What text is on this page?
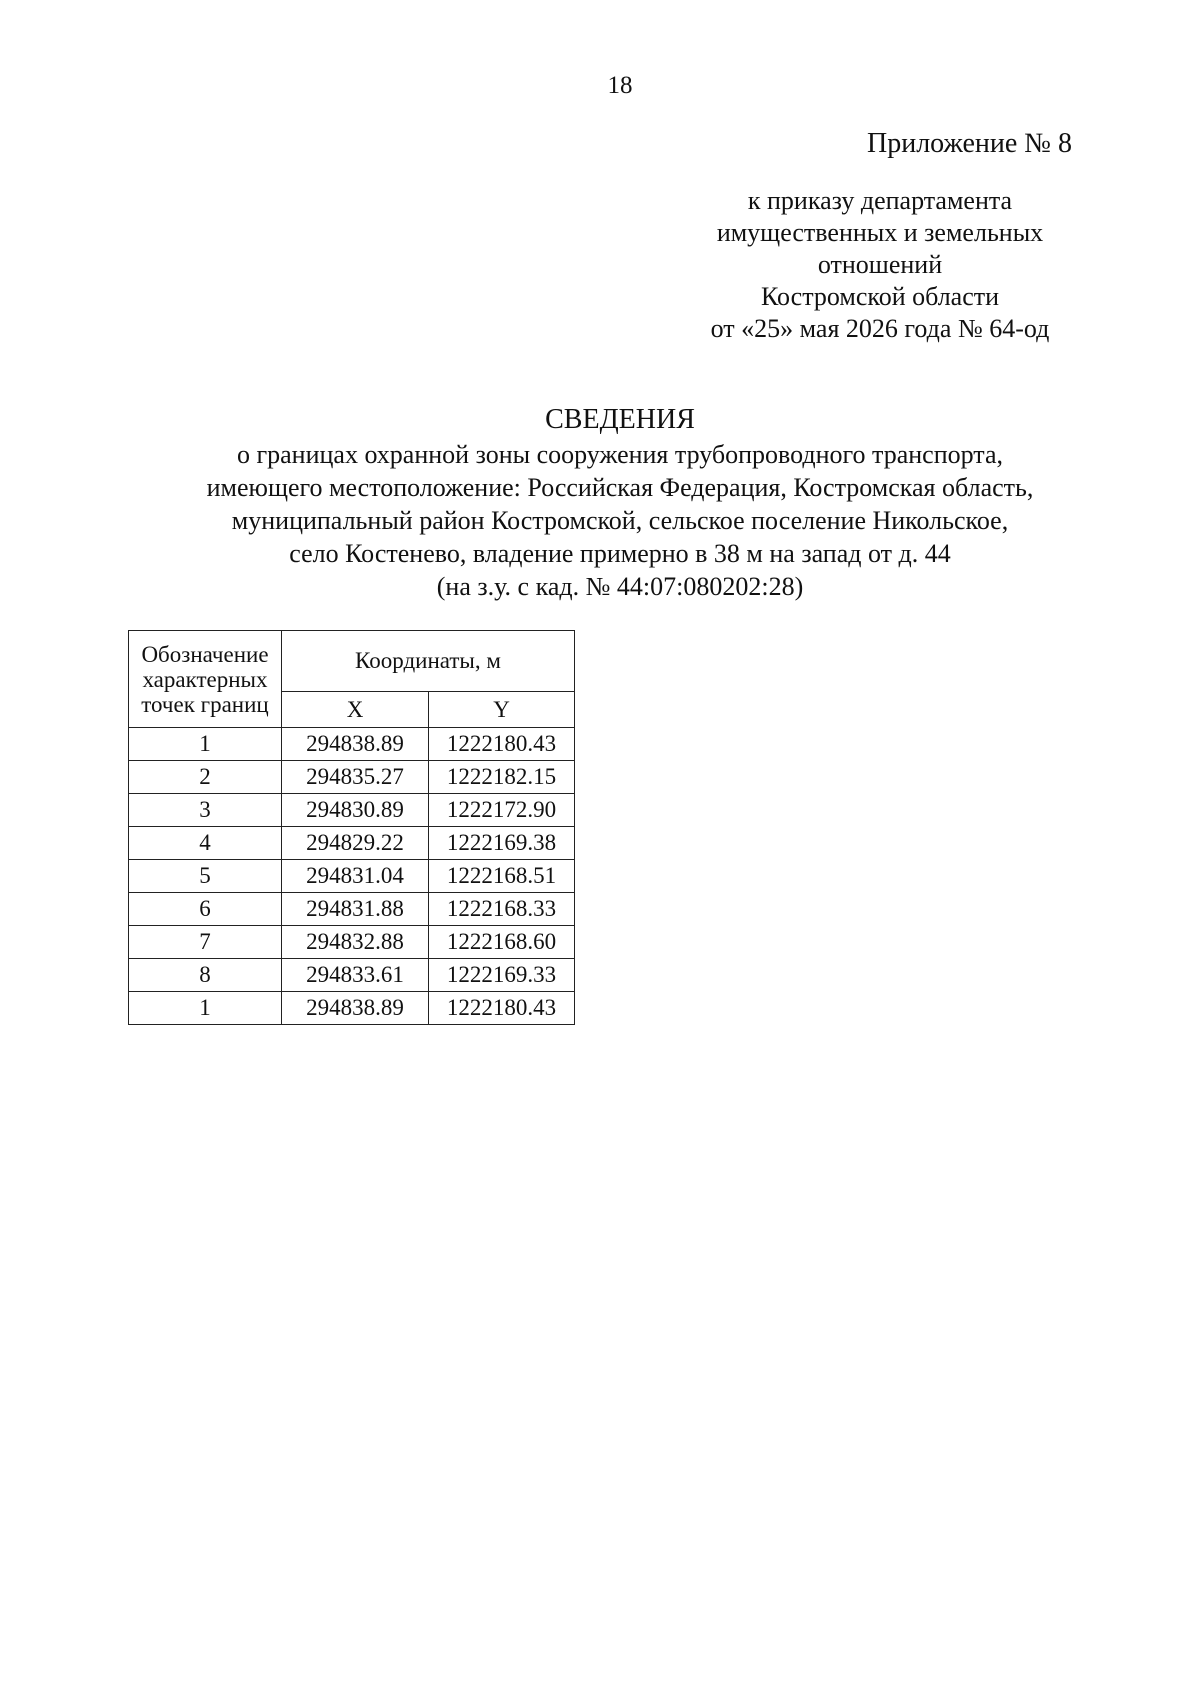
18
Приложение № 8
к приказу департамента
имущественных и земельных
отношений
Костромской области
от «25» мая 2026 года № 64-од
СВЕДЕНИЯ
о границах охранной зоны сооружения трубопроводного транспорта,
имеющего местоположение: Российская Федерация, Костромская область,
муниципальный район Костромской, сельское поселение Никольское,
село Костенево, владение примерно в 38 м на запад от д. 44
(на з.у. с кад. № 44:07:080202:28)
Обозначение
характерных
точек границ	Координаты, м	
	X	Y
1	294838.89	1222180.43
2	294835.27	1222182.15
3	294830.89	1222172.90
4	294829.22	1222169.38
5	294831.04	1222168.51
6	294831.88	1222168.33
7	294832.88	1222168.60
8	294833.61	1222169.33
1	294838.89	1222180.43
